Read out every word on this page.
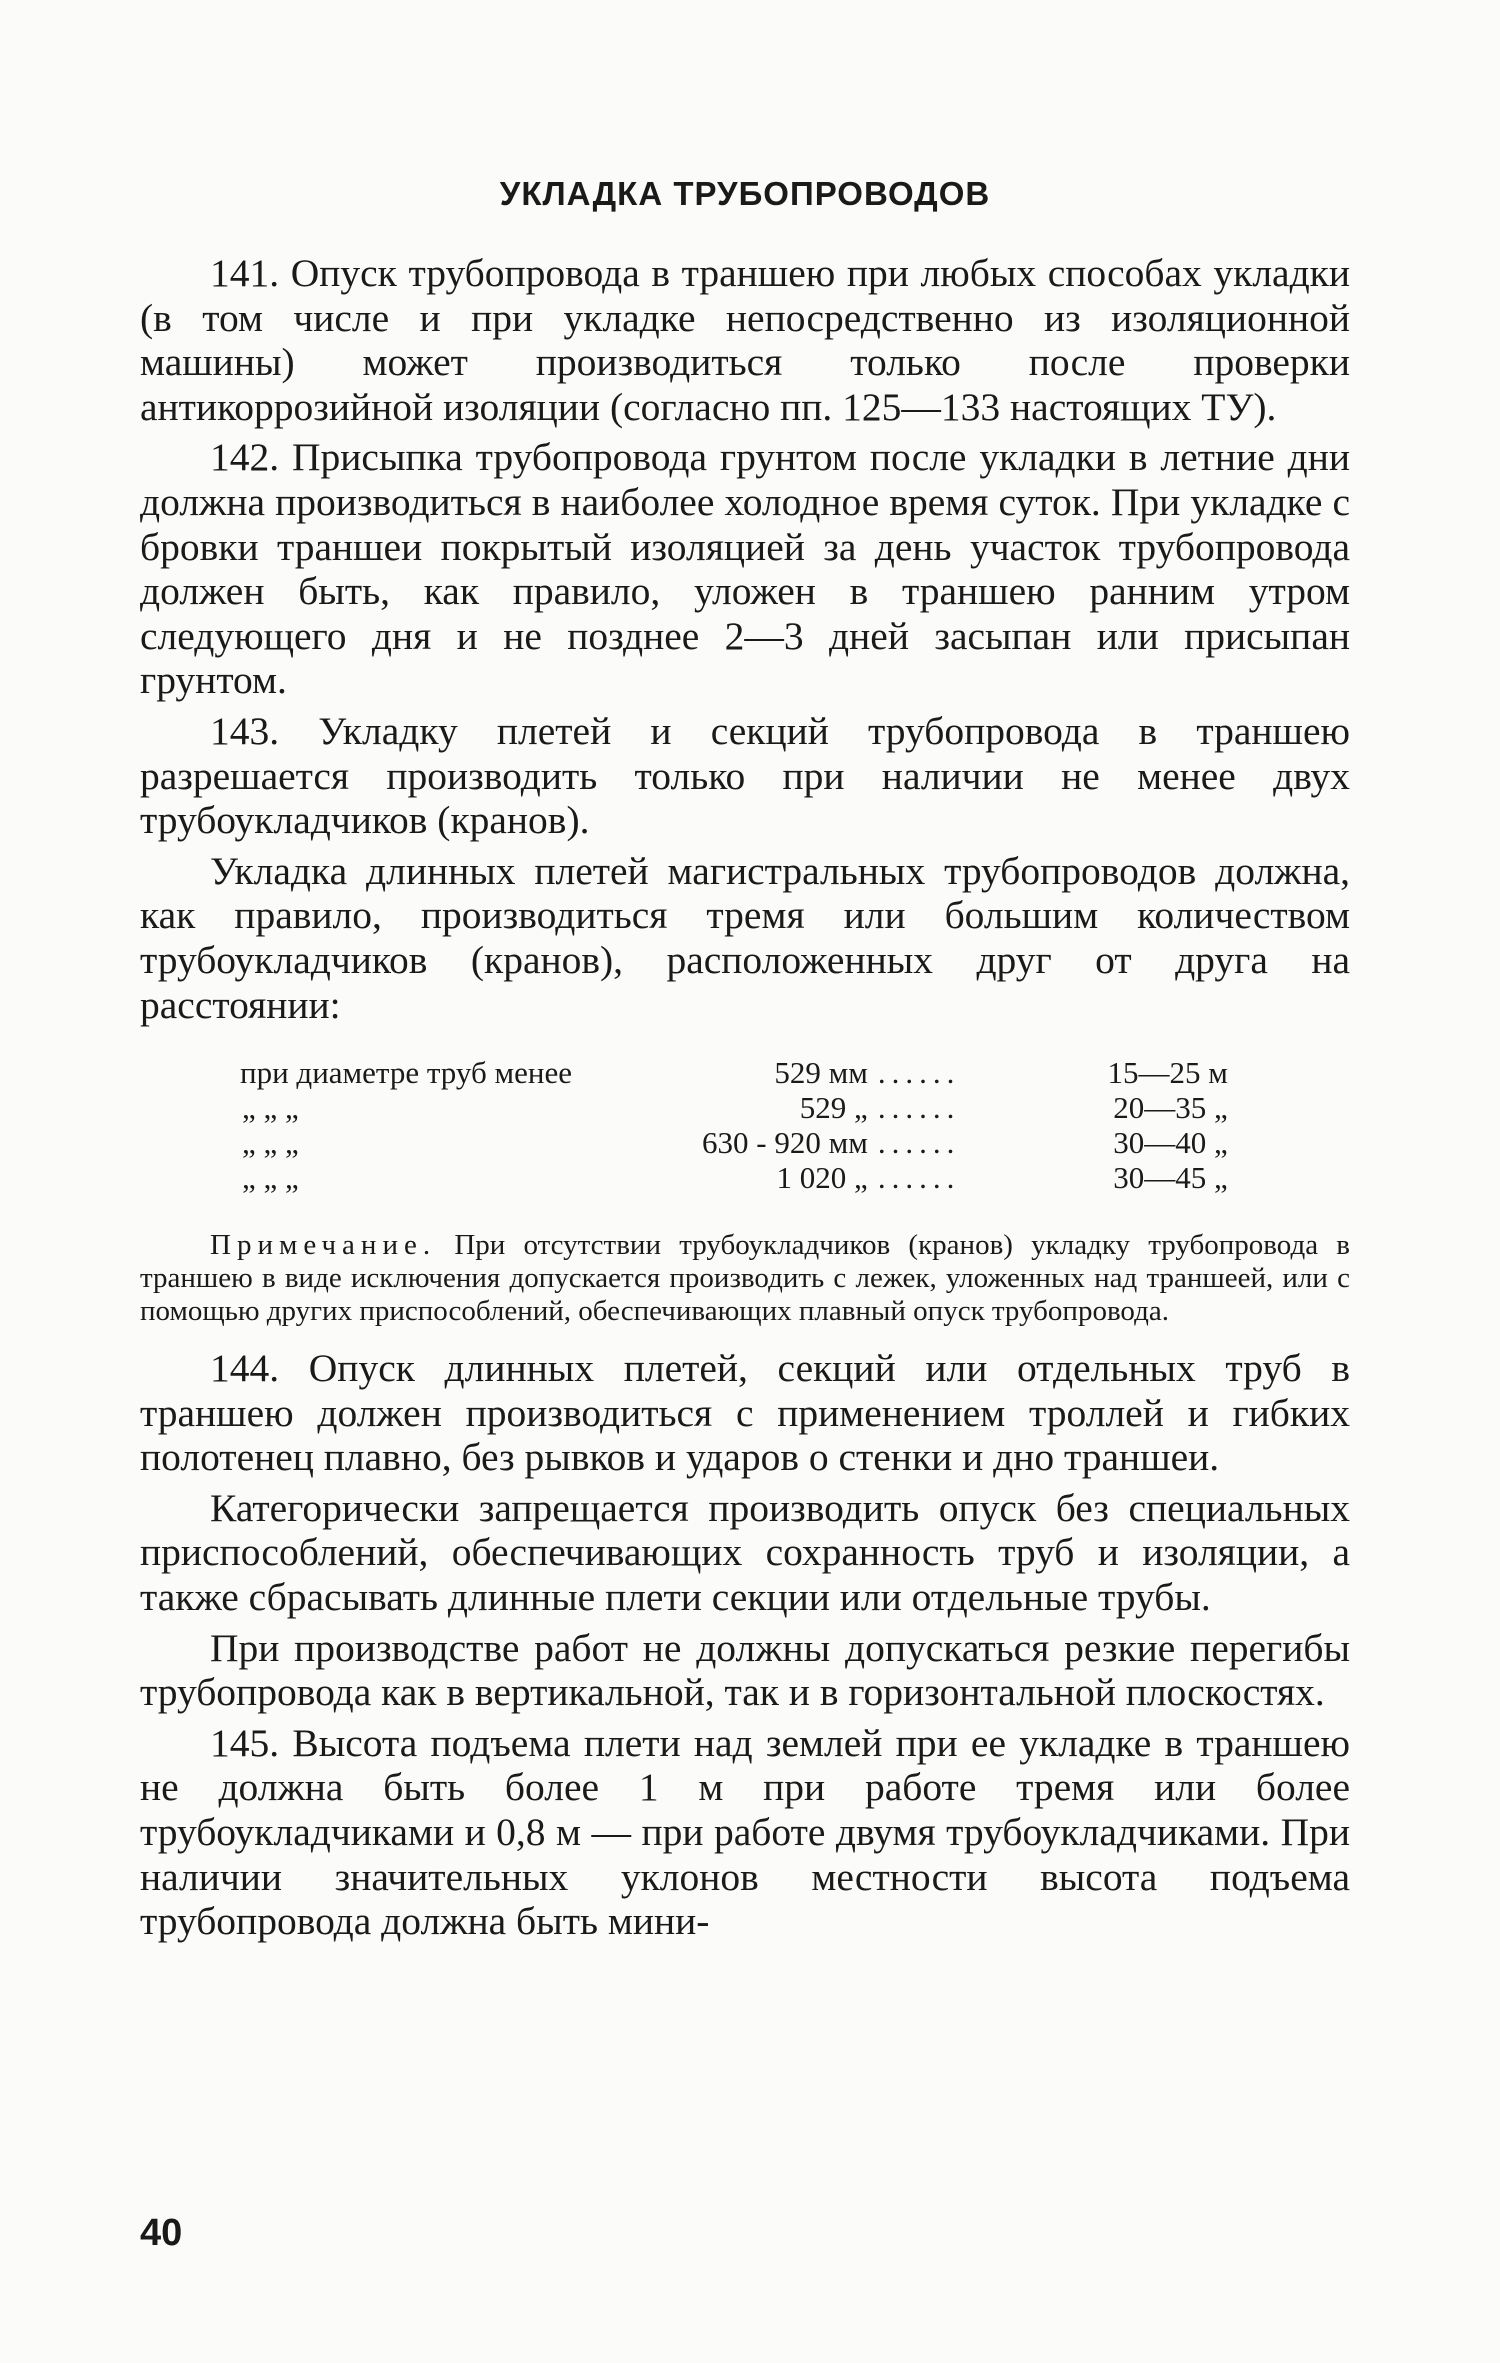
УКЛАДКА ТРУБОПРОВОДОВ
141. Опуск трубопровода в траншею при любых способах укладки (в том числе и при укладке непосредственно из изоляционной машины) может производиться только после проверки антикоррозийной изоляции (согласно пп. 125—133 настоящих ТУ).
142. Присыпка трубопровода грунтом после укладки в летние дни должна производиться в наиболее холодное время суток. При укладке с бровки траншеи покрытый изоляцией за день участок трубопровода должен быть, как правило, уложен в траншею ранним утром следующего дня и не позднее 2—3 дней засыпан или присыпан грунтом.
143. Укладку плетей и секций трубопровода в траншею разрешается производить только при наличии не менее двух трубоукладчиков (кранов).
Укладка длинных плетей магистральных трубопроводов должна, как правило, производиться тремя или большим количеством трубоукладчиков (кранов), расположенных друг от друга на расстоянии:
при диаметре труб менее	529 мм	......	15—25 м
„ „ „	529 „	......	20—35 „
„ „ „	630 - 920 мм	......	30—40 „
„ „ „	1 020 „	......	30—45 „
Примечание. При отсутствии трубоукладчиков (кранов) укладку трубопровода в траншею в виде исключения допускается производить с лежек, уложенных над траншеей, или с помощью других приспособлений, обеспечивающих плавный опуск трубопровода.
144. Опуск длинных плетей, секций или отдельных труб в траншею должен производиться с применением троллей и гибких полотенец плавно, без рывков и ударов о стенки и дно траншеи.
Категорически запрещается производить опуск без специальных приспособлений, обеспечивающих сохранность труб и изоляции, а также сбрасывать длинные плети секции или отдельные трубы.
При производстве работ не должны допускаться резкие перегибы трубопровода как в вертикальной, так и в горизонтальной плоскостях.
145. Высота подъема плети над землей при ее укладке в траншею не должна быть более 1 м при работе тремя или более трубоукладчиками и 0,8 м — при работе двумя трубоукладчиками. При наличии значительных уклонов местности высота подъема трубопровода должна быть мини-
40
